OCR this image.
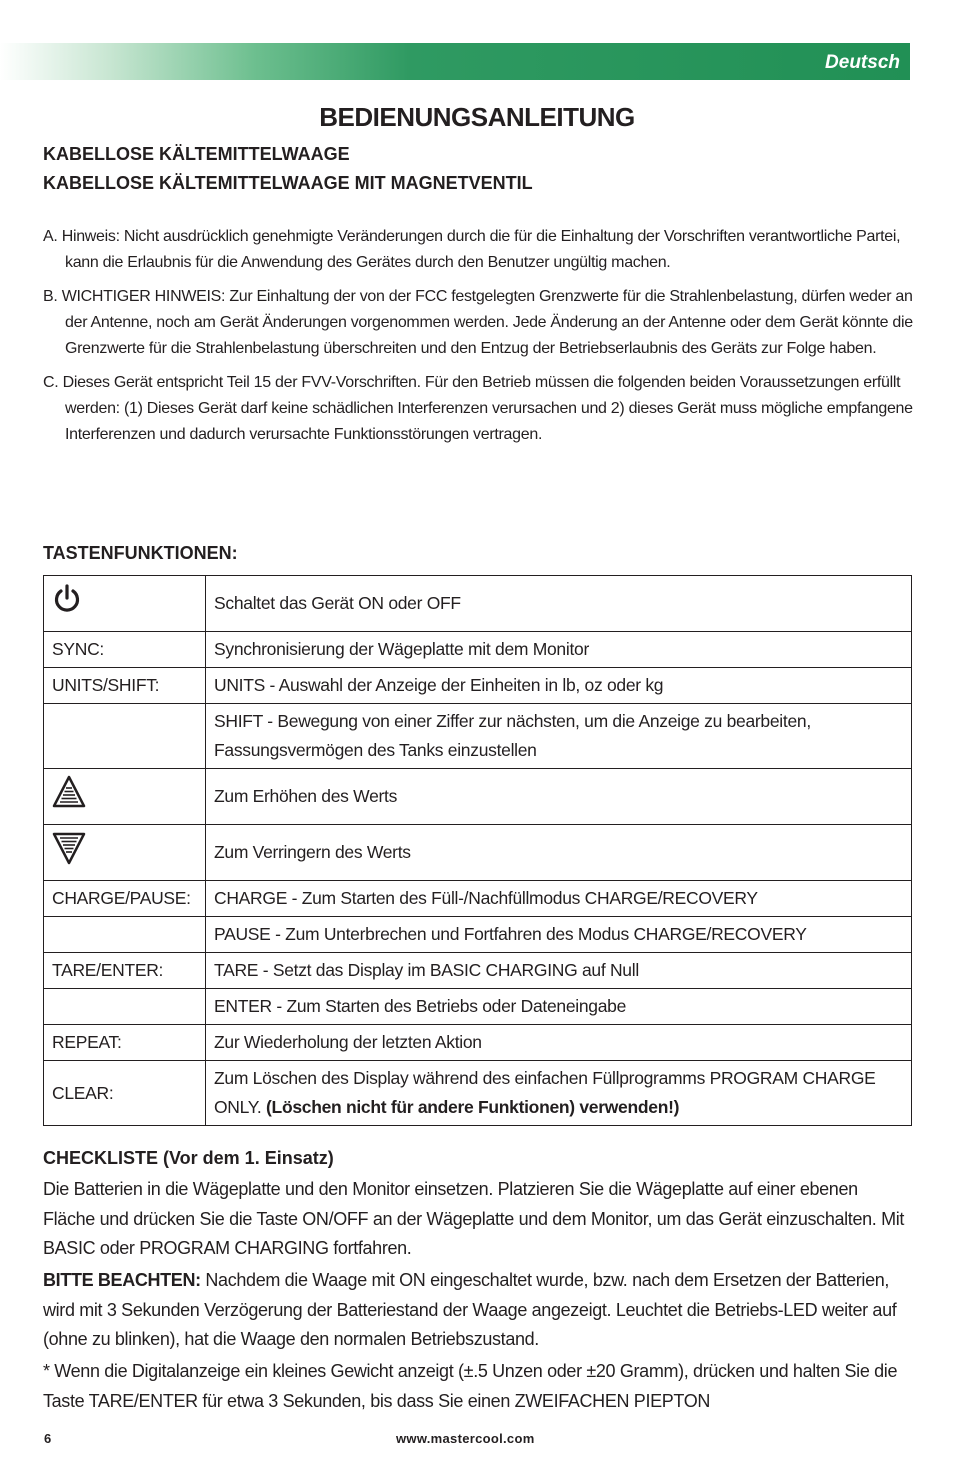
Deutsch
BEDIENUNGSANLEITUNG
KABELLOSE KÄLTEMITTELWAAGE
KABELLOSE KÄLTEMITTELWAAGE MIT MAGNETVENTIL

A. Hinweis: Nicht ausdrücklich genehmigte Veränderungen durch die für die Einhaltung der Vorschriften verantwortliche Partei, kann die Erlaubnis für die Anwendung des Gerätes durch den Benutzer ungültig machen.

B. WICHTIGER HINWEIS: Zur Einhaltung der von der FCC festgelegten Grenzwerte für die Strahlenbelastung, dürfen weder an der Antenne, noch am Gerät Änderungen vorgenommen werden. Jede Änderung an der Antenne oder dem Gerät könnte die Grenzwerte für die Strahlenbelastung überschreiten und den Entzug der Betriebserlaubnis des Geräts zur Folge haben.

C. Dieses Gerät entspricht Teil 15 der FVV-Vorschriften. Für den Betrieb müssen die folgenden beiden Voraussetzungen erfüllt werden: (1) Dieses Gerät darf keine schädlichen Interferenzen verursachen und 2) dieses Gerät muss mögliche empfangene Interferenzen und dadurch verursachte Funktionsstörungen vertragen.

TASTENFUNKTIONEN:
	Schaltet das Gerät ON oder OFF
SYNC:	Synchronisierung der Wägeplatte mit dem Monitor
UNITS/SHIFT:	UNITS - Auswahl der Anzeige der Einheiten in lb, oz oder kg
	SHIFT - Bewegung von einer Ziffer zur nächsten, um die Anzeige zu bearbeiten, Fassungsvermögen des Tanks einzustellen
	Zum Erhöhen des Werts
	Zum Verringern des Werts
CHARGE/PAUSE:	CHARGE - Zum Starten des Füll-/Nachfüllmodus CHARGE/RECOVERY
	PAUSE - Zum Unterbrechen und Fortfahren des Modus CHARGE/RECOVERY
TARE/ENTER:	TARE - Setzt das Display im BASIC CHARGING auf Null
	ENTER - Zum Starten des Betriebs oder Dateneingabe
REPEAT:	Zur Wiederholung der letzten Aktion
CLEAR:	Zum Löschen des Display während des einfachen Füllprogramms PROGRAM CHARGE ONLY. (Löschen nicht für andere Funktionen) verwenden!)
CHECKLISTE (Vor dem 1. Einsatz)

Die Batterien in die Wägeplatte und den Monitor einsetzen. Platzieren Sie die Wägeplatte auf einer ebenen Fläche und drücken Sie die Taste ON/OFF an der Wägeplatte und dem Monitor, um das Gerät einzuschalten. Mit BASIC oder PROGRAM CHARGING fortfahren.

BITTE BEACHTEN: Nachdem die Waage mit ON eingeschaltet wurde, bzw. nach dem Ersetzen der Batterien, wird mit 3 Sekunden Verzögerung der Batteriestand der Waage angezeigt. Leuchtet die Betriebs-LED weiter auf (ohne zu blinken), hat die Waage den normalen Betriebszustand.

* Wenn die Digitalanzeige ein kleines Gewicht anzeigt (±.5 Unzen oder ±20 Gramm), drücken und halten Sie die Taste TARE/ENTER für etwa 3 Sekunden, bis dass Sie einen ZWEIFACHEN PIEPTON

6	www.mastercool.com
